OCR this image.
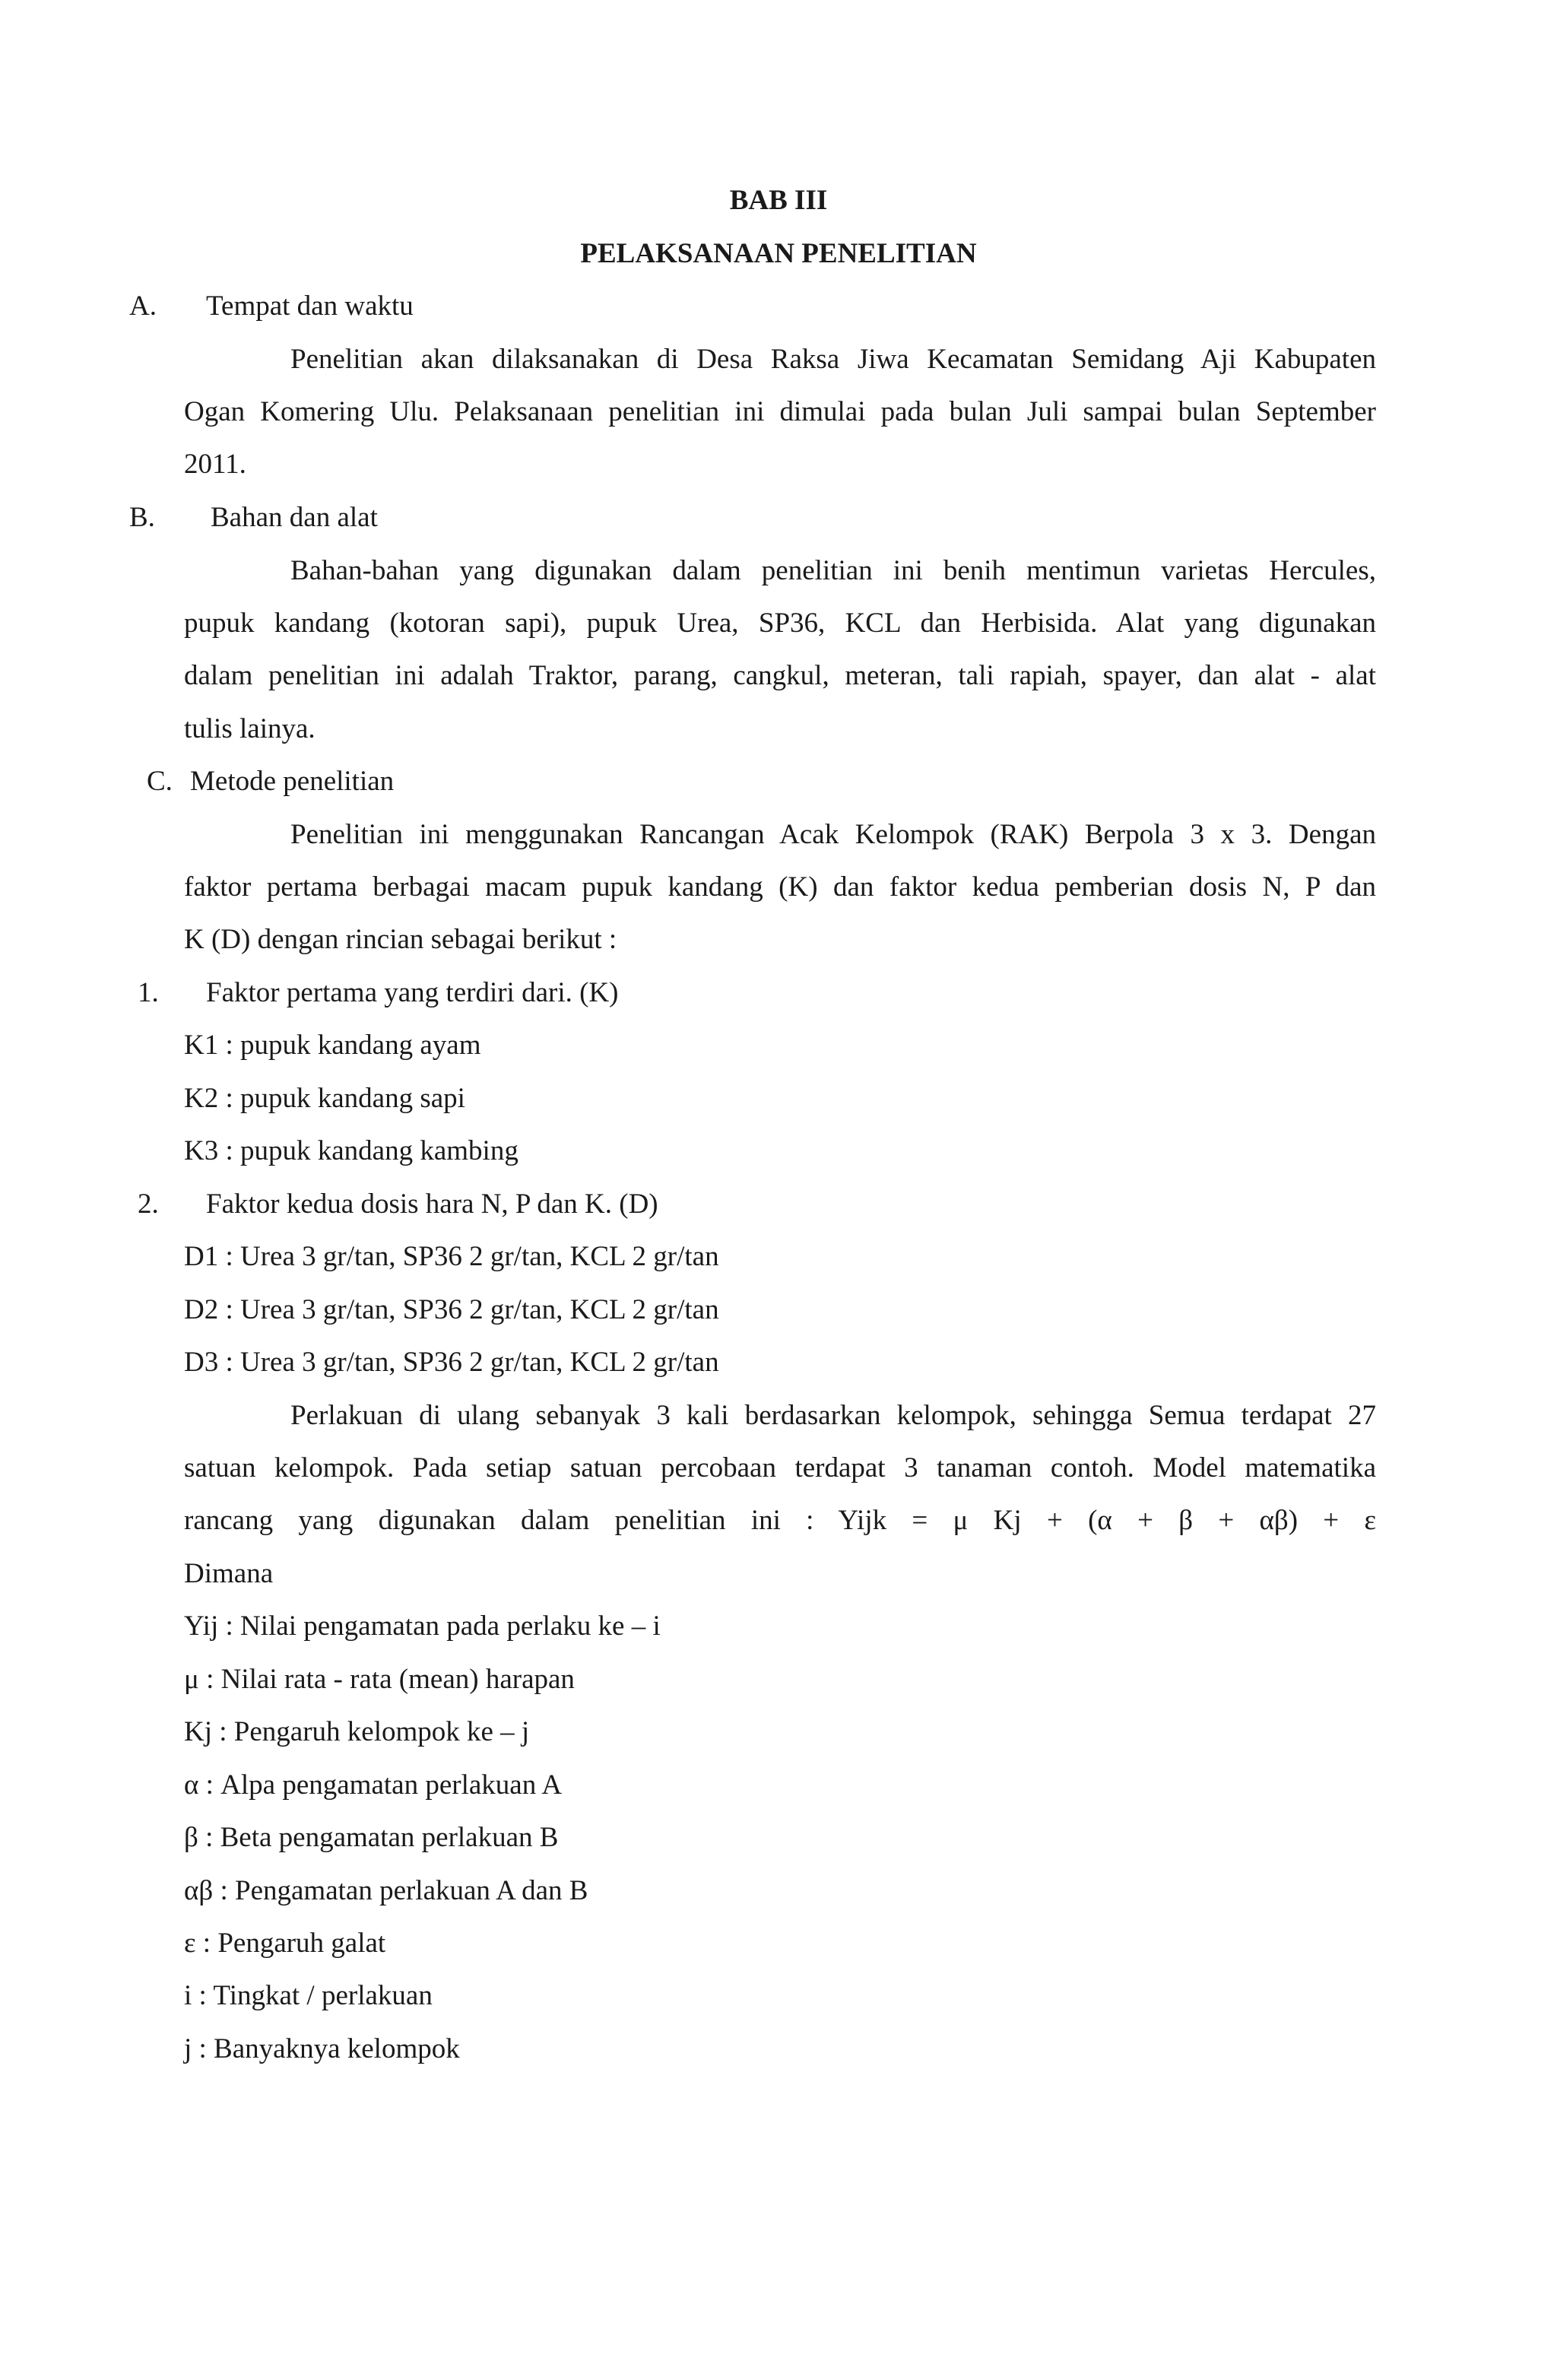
BAB III
PELAKSANAAN PENELITIAN
A. Tempat dan waktu
Penelitian akan dilaksanakan di Desa Raksa Jiwa Kecamatan Semidang Aji Kabupaten
Ogan Komering Ulu. Pelaksanaan penelitian ini dimulai pada bulan Juli sampai bulan September
2011.
B. Bahan dan alat
Bahan-bahan yang digunakan dalam penelitian ini benih mentimun varietas Hercules,
pupuk kandang (kotoran sapi), pupuk Urea, SP36, KCL dan Herbisida. Alat yang digunakan
dalam penelitian ini adalah Traktor, parang, cangkul, meteran, tali rapiah, spayer, dan alat - alat
tulis lainya.
C. Metode penelitian
Penelitian ini menggunakan Rancangan Acak Kelompok (RAK) Berpola 3 x 3. Dengan
faktor pertama berbagai macam pupuk kandang (K) dan faktor kedua pemberian dosis N, P dan
K (D) dengan rincian sebagai berikut :
1. Faktor pertama yang terdiri dari. (K)
K1 : pupuk kandang ayam
K2 : pupuk kandang sapi
K3 : pupuk kandang kambing
2. Faktor kedua dosis hara N, P dan K. (D)
D1 : Urea 3 gr/tan, SP36 2 gr/tan, KCL 2 gr/tan
D2 : Urea 3 gr/tan, SP36 2 gr/tan, KCL 2 gr/tan
D3 : Urea 3 gr/tan, SP36 2 gr/tan, KCL 2 gr/tan
Perlakuan di ulang sebanyak 3 kali berdasarkan kelompok, sehingga Semua terdapat 27
satuan kelompok. Pada setiap satuan percobaan terdapat 3 tanaman contoh. Model matematika
rancang yang digunakan dalam penelitian ini : Yijk = μ Kj + (α + β + αβ) + ε
Dimana
Yij : Nilai pengamatan pada perlaku ke – i
μ : Nilai rata - rata (mean) harapan
Kj : Pengaruh kelompok ke – j
α : Alpa pengamatan perlakuan A
β : Beta pengamatan perlakuan B
αβ : Pengamatan perlakuan A dan B
ε : Pengaruh galat
i : Tingkat / perlakuan
j : Banyaknya kelompok
